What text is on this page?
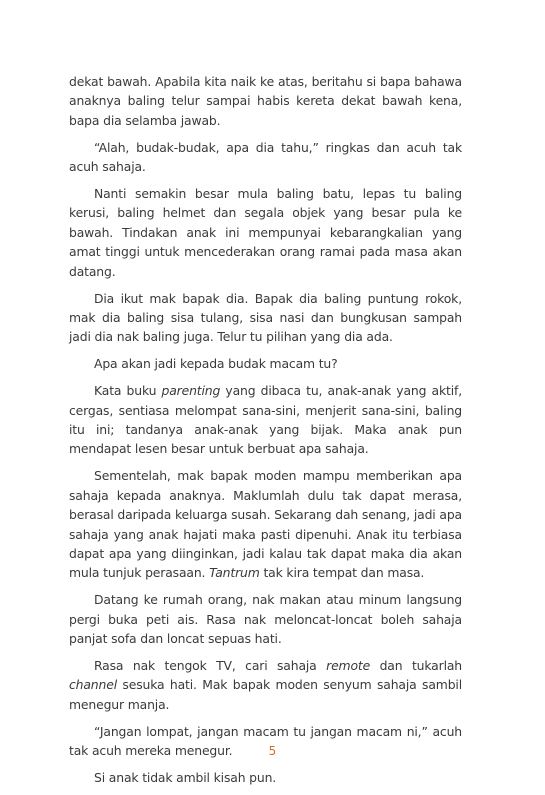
dekat bawah. Apabila kita naik ke atas, beritahu si bapa bahawa anaknya baling telur sampai habis kereta dekat bawah kena, bapa dia selamba jawab.

“Alah, budak-budak, apa dia tahu,” ringkas dan acuh tak acuh sahaja.

Nanti semakin besar mula baling batu, lepas tu baling kerusi, baling helmet dan segala objek yang besar pula ke bawah. Tindakan anak ini mempunyai kebarangkalian yang amat tinggi untuk mencederakan orang ramai pada masa akan datang.

Dia ikut mak bapak dia. Bapak dia baling puntung rokok, mak dia baling sisa tulang, sisa nasi dan bungkusan sampah jadi dia nak baling juga. Telur tu pilihan yang dia ada.

Apa akan jadi kepada budak macam tu?

Kata buku parenting yang dibaca tu, anak-anak yang aktif, cergas, sentiasa melompat sana-sini, menjerit sana-sini, baling itu ini; tandanya anak-anak yang bijak. Maka anak pun mendapat lesen besar untuk berbuat apa sahaja.

Sementelah, mak bapak moden mampu memberikan apa sahaja kepada anaknya. Maklumlah dulu tak dapat merasa, berasal daripada keluarga susah. Sekarang dah senang, jadi apa sahaja yang anak hajati maka pasti dipenuhi. Anak itu terbiasa dapat apa yang diinginkan, jadi kalau tak dapat maka dia akan mula tunjuk perasaan. Tantrum tak kira tempat dan masa.

Datang ke rumah orang, nak makan atau minum langsung pergi buka peti ais. Rasa nak meloncat-loncat boleh sahaja panjat sofa dan loncat sepuas hati.

Rasa nak tengok TV, cari sahaja remote dan tukarlah channel sesuka hati. Mak bapak moden senyum sahaja sambil menegur manja.

“Jangan lompat, jangan macam tu jangan macam ni,” acuh tak acuh mereka menegur.

Si anak tidak ambil kisah pun.

5
